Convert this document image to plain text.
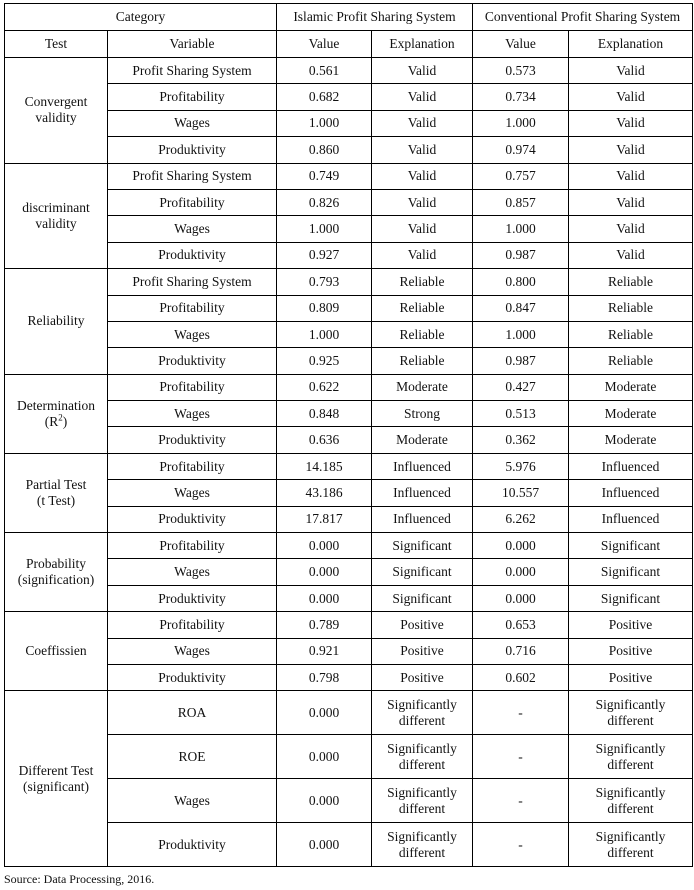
Category		Islamic Profit Sharing System		Conventional Profit Sharing System	
Test	Variable	Value	Explanation	Value	Explanation

Convergent
validity	Profit Sharing System	0.561	Valid	0.573	Valid
	Profitability	0.682	Valid	0.734	Valid
	Wages	1.000	Valid	1.000	Valid
	Produktivity	0.860	Valid	0.974	Valid

discriminant
validity	Profit Sharing System	0.749	Valid	0.757	Valid
	Profitability	0.826	Valid	0.857	Valid
	Wages	1.000	Valid	1.000	Valid
	Produktivity	0.927	Valid	0.987	Valid

Reliability	Profit Sharing System	0.793	Reliable	0.800	Reliable
	Profitability	0.809	Reliable	0.847	Reliable
	Wages	1.000	Reliable	1.000	Reliable
	Produktivity	0.925	Reliable	0.987	Reliable

Determination
$(R^2)$	Profitability	0.622	Moderate	0.427	Moderate
	Wages	0.848	Strong	0.513	Moderate
	Produktivity	0.636	Moderate	0.362	Moderate

Partial Test
(t Test)	Profitability	14.185	Influenced	5.976	Influenced
	Wages	43.186	Influenced	10.557	Influenced
	Produktivity	17.817	Influenced	6.262	Influenced

Probability
(signification)	Profitability	0.000	Significant	0.000	Significant
	Wages	0.000	Significant	0.000	Significant
	Produktivity	0.000	Significant	0.000	Significant

Coeffissien	Profitability	0.789	Positive	0.653	Positive
	Wages	0.921	Positive	0.716	Positive
	Produktivity	0.798	Positive	0.602	Positive

Different Test
(significant)	ROA	0.000	Significantly different	-	Significantly different
	ROE	0.000	Significantly different	-	Significantly different
	Wages	0.000	Significantly different	-	Significantly different
	Produktivity	0.000	Significantly different	-	Significantly different
Source: Data Processing, 2016.
